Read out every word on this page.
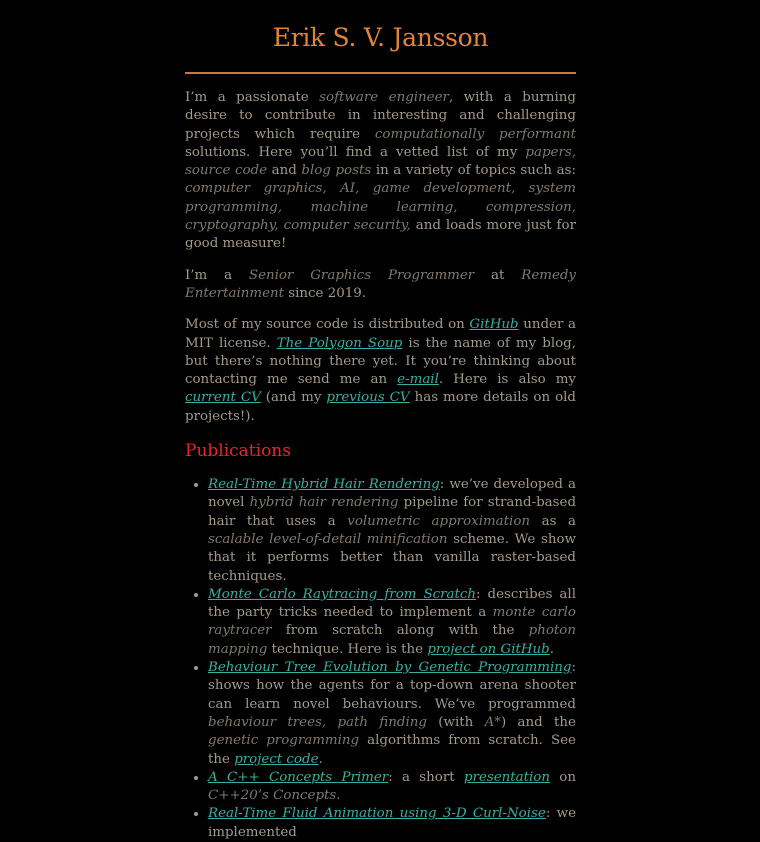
Erik S. V. Jansson

I’m a passionate software engineer, with a burning desire to contribute in interesting and challenging projects which require computationally performant solutions. Here you’ll find a vetted list of my papers, source code and blog posts in a variety of topics such as: computer graphics, AI, game development, system programming, machine learning, compression, cryptography, computer security, and loads more just for good measure!

I’m a Senior Graphics Programmer at Remedy Entertainment since 2019.

Most of my source code is distributed on GitHub under a MIT license. The Polygon Soup is the name of my blog, but there’s nothing there yet. It you’re thinking about contacting me send me an e-mail. Here is also my current CV (and my previous CV has more details on old projects!).

Publications
• Real-Time Hybrid Hair Rendering: we’ve developed a novel hybrid hair rendering pipeline for strand-based hair that uses a volumetric approximation as a scalable level-of-detail minification scheme. We show that it performs better than vanilla raster-based techniques.
• Monte Carlo Raytracing from Scratch: describes all the party tricks needed to implement a monte carlo raytracer from scratch along with the photon mapping technique. Here is the project on GitHub.
• Behaviour Tree Evolution by Genetic Programming: shows how the agents for a top-down arena shooter can learn novel behaviours. We’ve programmed behaviour trees, path finding (with A*) and the genetic programming algorithms from scratch. See the project code.
• A C++ Concepts Primer: a short presentation on C++20’s Concepts.
• Real-Time Fluid Animation using 3-D Curl-Noise: we implemented
